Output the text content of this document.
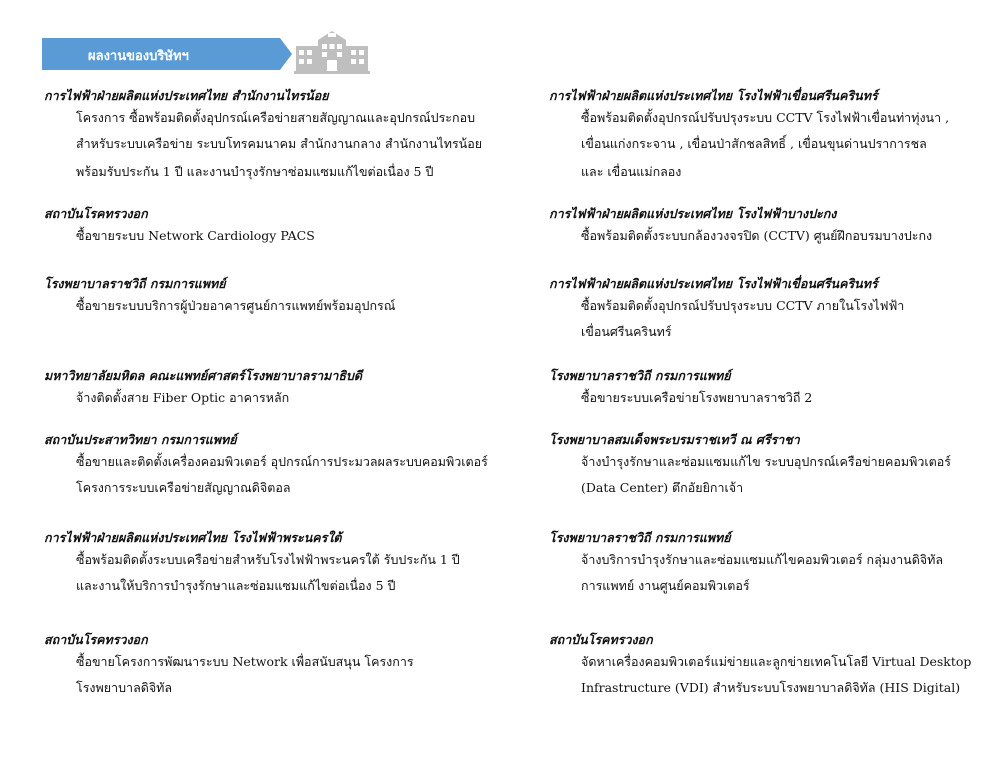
ผลงานของบริษัทฯ
การไฟฟ้าฝ่ายผลิตแห่งประเทศไทย สำนักงานไทรน้อย
โครงการ ซื้อพร้อมติดตั้งอุปกรณ์เครือข่ายสายสัญญาณและอุปกรณ์ประกอบ
สำหรับระบบเครือข่าย ระบบโทรคมนาคม สำนักงานกลาง สำนักงานไทรน้อย
พร้อมรับประกัน 1 ปี และงานบำรุงรักษาซ่อมแซมแก้ไขต่อเนื่อง 5 ปี
สถาบันโรคทรวงอก
ซื้อขายระบบ Network Cardiology PACS
โรงพยาบาลราชวิถี กรมการแพทย์
ซื้อขายระบบบริการผู้ป่วยอาคารศูนย์การแพทย์พร้อมอุปกรณ์
มหาวิทยาลัยมหิดล คณะแพทย์ศาสตร์โรงพยาบาลรามาธิบดี
จ้างติดตั้งสาย Fiber Optic อาคารหลัก
สถาบันประสาทวิทยา กรมการแพทย์
ซื้อขายและติดตั้งเครื่องคอมพิวเตอร์ อุปกรณ์การประมวลผลระบบคอมพิวเตอร์
โครงการระบบเครือข่ายสัญญาณดิจิตอล
การไฟฟ้าฝ่ายผลิตแห่งประเทศไทย โรงไฟฟ้าพระนครใต้
ซื้อพร้อมติดตั้งระบบเครือข่ายสำหรับโรงไฟฟ้าพระนครใต้ รับประกัน 1 ปี
และงานให้บริการบำรุงรักษาและซ่อมแซมแก้ไขต่อเนื่อง 5 ปี
สถาบันโรคทรวงอก
ซื้อขายโครงการพัฒนาระบบ Network เพื่อสนับสนุน โครงการ
โรงพยาบาลดิจิทัล
การไฟฟ้าฝ่ายผลิตแห่งประเทศไทย โรงไฟฟ้าเขื่อนศรีนครินทร์
ซื้อพร้อมติดตั้งอุปกรณ์ปรับปรุงระบบ CCTV โรงไฟฟ้าเขื่อนท่าทุ่งนา ,
เขื่อนแก่งกระจาน , เขื่อนป่าสักชลสิทธิ์ , เขื่อนขุนด่านปราการชล
และ เขื่อนแม่กลอง
การไฟฟ้าฝ่ายผลิตแห่งประเทศไทย โรงไฟฟ้าบางปะกง
ซื้อพร้อมติดตั้งระบบกล้องวงจรปิด (CCTV) ศูนย์ฝึกอบรมบางปะกง
การไฟฟ้าฝ่ายผลิตแห่งประเทศไทย โรงไฟฟ้าเขื่อนศรีนครินทร์
ซื้อพร้อมติดตั้งอุปกรณ์ปรับปรุงระบบ CCTV ภายในโรงไฟฟ้า
เขื่อนศรีนครินทร์
โรงพยาบาลราชวิถี กรมการแพทย์
ซื้อขายระบบเครือข่ายโรงพยาบาลราชวิถี 2
โรงพยาบาลสมเด็จพระบรมราชเทวี ณ ศรีราชา
จ้างบำรุงรักษาและซ่อมแซมแก้ไข ระบบอุปกรณ์เครือข่ายคอมพิวเตอร์
(Data Center) ตึกอัยยิกาเจ้า
โรงพยาบาลราชวิถี กรมการแพทย์
จ้างบริการบำรุงรักษาและซ่อมแซมแก้ไขคอมพิวเตอร์ กลุ่มงานดิจิทัล
การแพทย์ งานศูนย์คอมพิวเตอร์
สถาบันโรคทรวงอก
จัดหาเครื่องคอมพิวเตอร์แม่ข่ายและลูกข่ายเทคโนโลยี Virtual Desktop
Infrastructure (VDI) สำหรับระบบโรงพยาบาลดิจิทัล (HIS Digital)
